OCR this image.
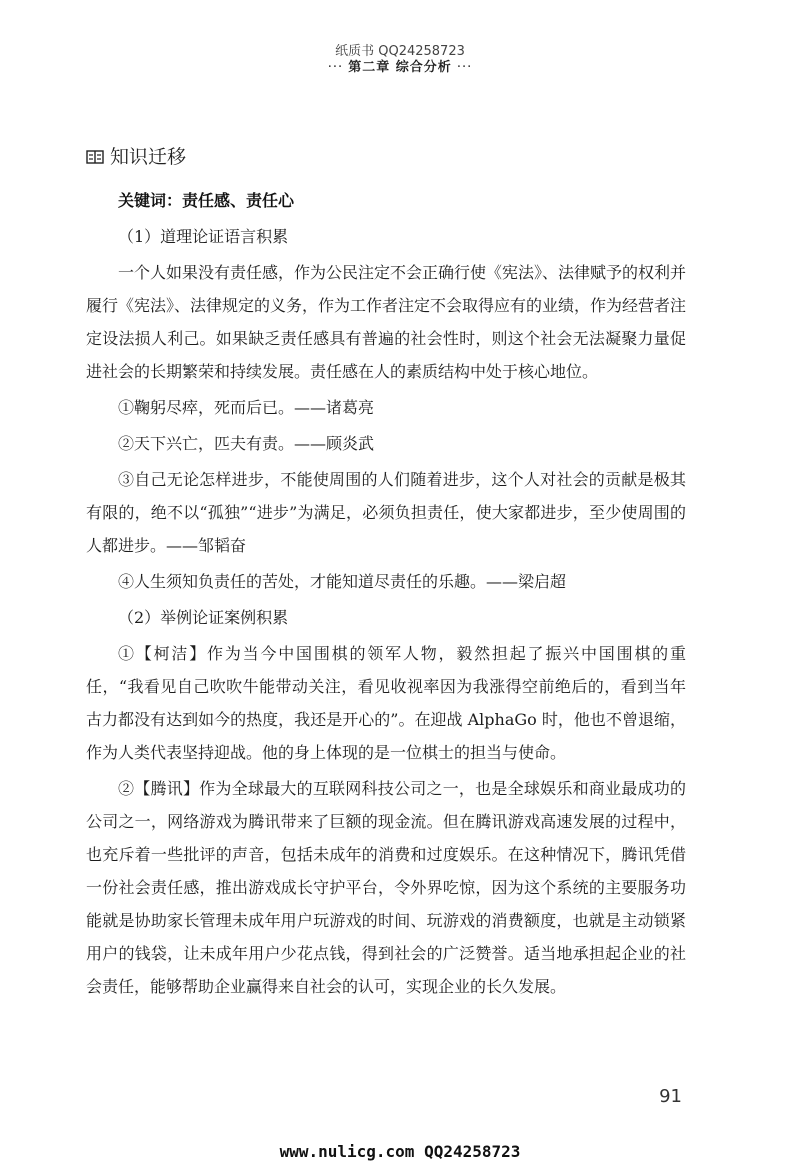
纸质书 QQ24258723
··· 第二章 综合分析 ···
知识迁移
关键词：责任感、责任心

（1）道理论证语言积累

一个人如果没有责任感，作为公民注定不会正确行使《宪法》、法律赋予的权利并履行《宪法》、法律规定的义务，作为工作者注定不会取得应有的业绩，作为经营者注定设法损人利己。如果缺乏责任感具有普遍的社会性时，则这个社会无法凝聚力量促进社会的长期繁荣和持续发展。责任感在人的素质结构中处于核心地位。

①鞠躬尽瘁，死而后已。——诸葛亮

②天下兴亡，匹夫有责。——顾炎武

③自己无论怎样进步，不能使周围的人们随着进步，这个人对社会的贡献是极其有限的，绝不以“孤独”“进步”为满足，必须负担责任，使大家都进步，至少使周围的人都进步。——邹韬奋

④人生须知负责任的苦处，才能知道尽责任的乐趣。——梁启超

（2）举例论证案例积累

①【柯洁】作为当今中国围棋的领军人物，毅然担起了振兴中国围棋的重任，“我看见自己吹吹牛能带动关注，看见收视率因为我涨得空前绝后的，看到当年古力都没有达到如今的热度，我还是开心的”。在迎战 AlphaGo 时，他也不曾退缩，作为人类代表坚持迎战。他的身上体现的是一位棋士的担当与使命。

②【腾讯】作为全球最大的互联网科技公司之一，也是全球娱乐和商业最成功的公司之一，网络游戏为腾讯带来了巨额的现金流。但在腾讯游戏高速发展的过程中，也充斥着一些批评的声音，包括未成年的消费和过度娱乐。在这种情况下，腾讯凭借一份社会责任感，推出游戏成长守护平台，令外界吃惊，因为这个系统的主要服务功能就是协助家长管理未成年用户玩游戏的时间、玩游戏的消费额度，也就是主动锁紧用户的钱袋，让未成年用户少花点钱，得到社会的广泛赞誉。适当地承担起企业的社会责任，能够帮助企业赢得来自社会的认可，实现企业的长久发展。

91
www.nulicg.com QQ24258723
